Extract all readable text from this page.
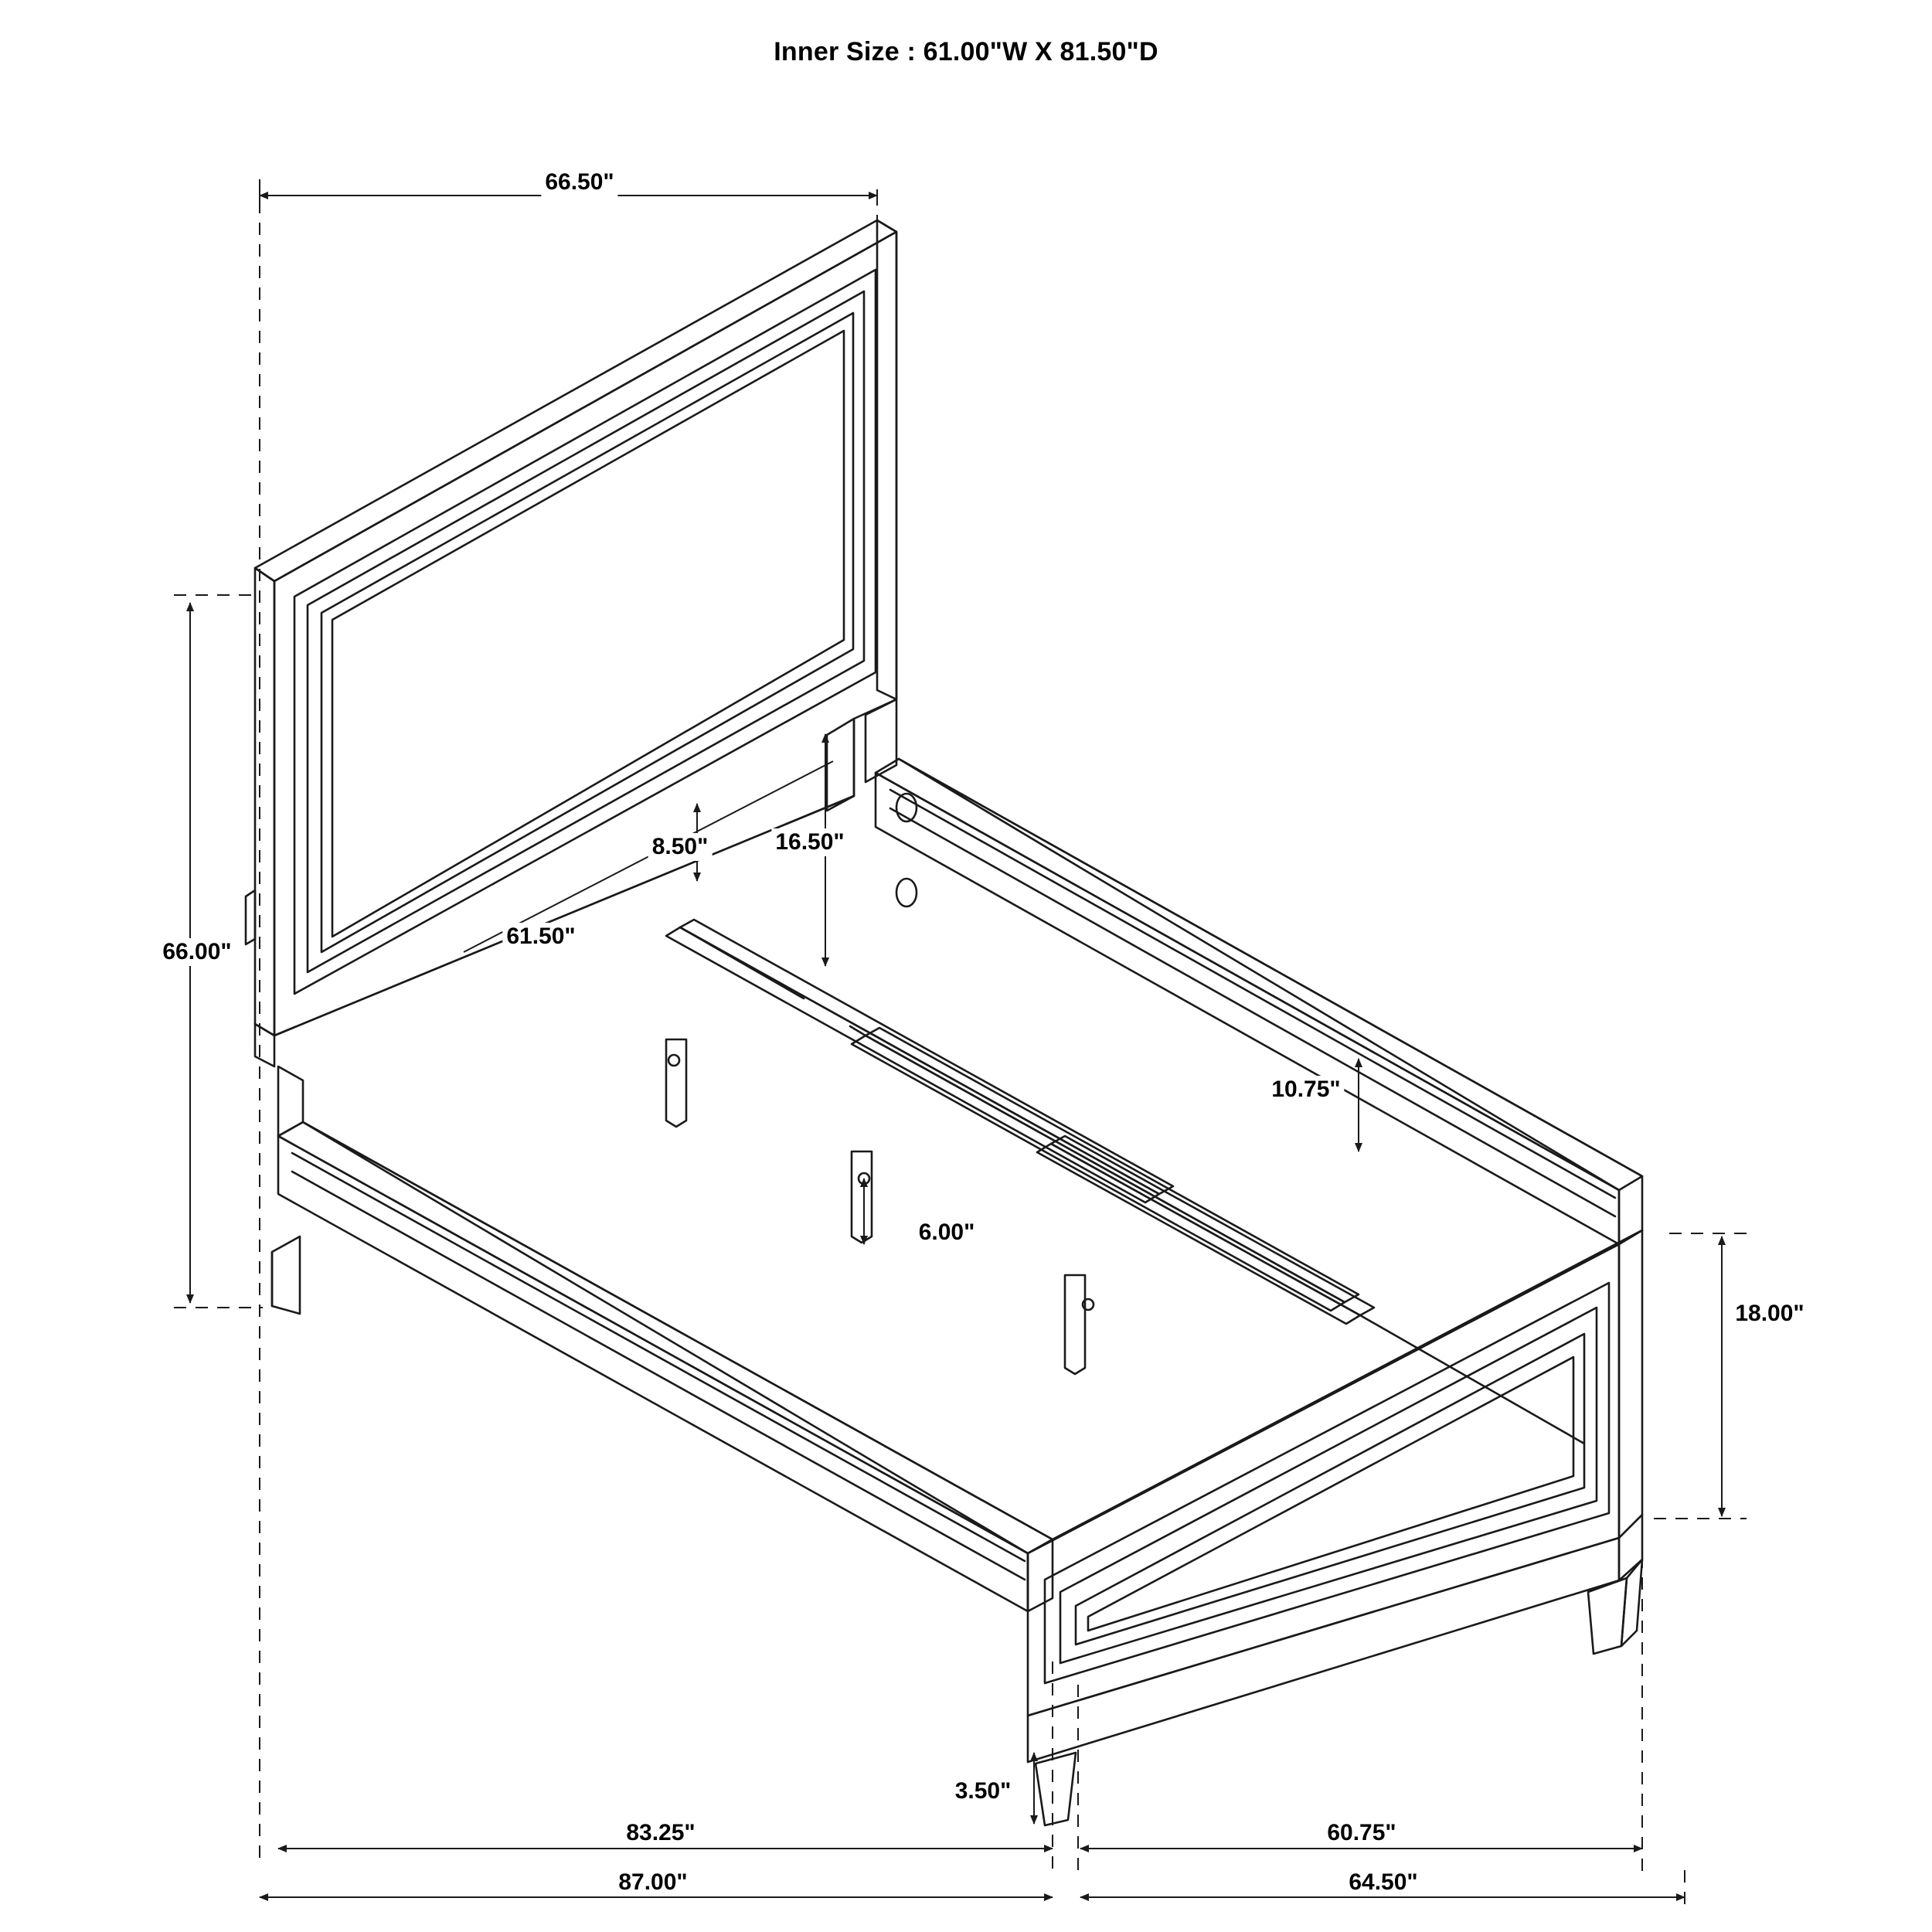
Inner Size : 61.00"W X 81.50"D
66.50"
66.00"
61.50"
8.50"	16.50"
10.75"
6.00"
18.00"
3.50"
83.25"	60.75"
87.00"	64.50"
